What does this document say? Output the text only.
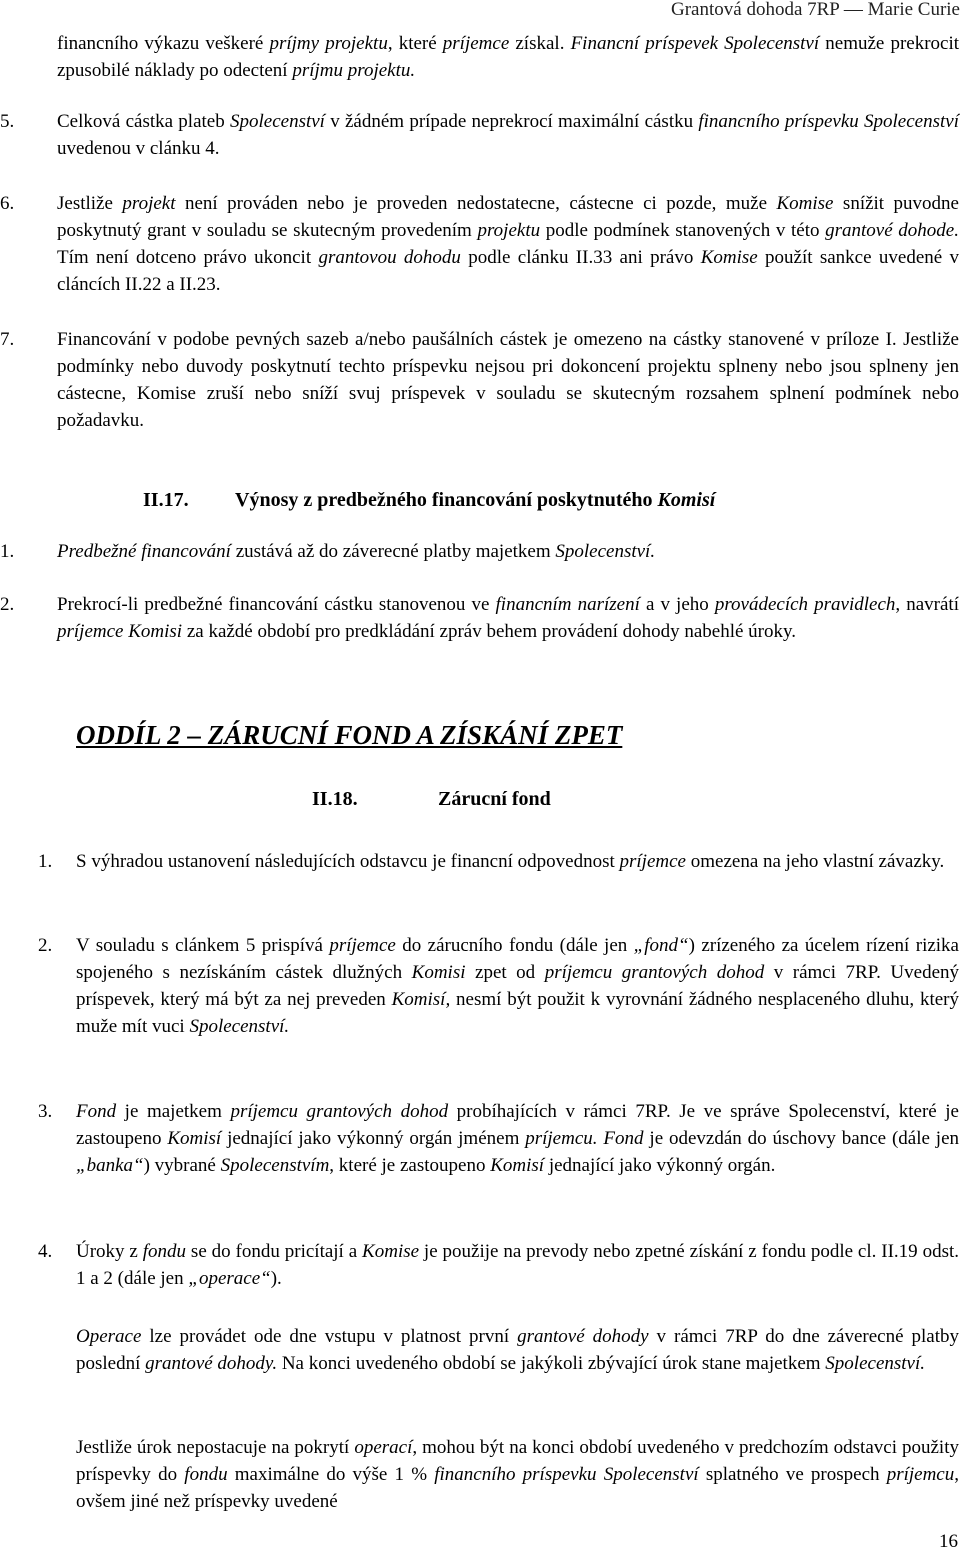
Grantová dohoda 7RP — Marie Curie
financního výkazu veškeré príjmy projektu, které príjemce získal. Financní príspevek Spolecenství nemuže prekrocit zpusobilé náklady po odectení príjmu projektu.
5. Celková cástka plateb Spolecenství v žádném prípade neprekrocí maximální cástku financního príspevku Spolecenství uvedenou v clánku 4.
6. Jestliže projekt není prováden nebo je proveden nedostatecne, cástecne ci pozde, muže Komise snížit puvodne poskytnutý grant v souladu se skutecným provedením projektu podle podmínek stanovených v této grantové dohode. Tím není dotceno právo ukoncit grantovou dohodu podle clánku II.33 ani právo Komise použít sankce uvedené v cláncích II.22 a II.23.
7. Financování v podobe pevných sazeb a/nebo paušálních cástek je omezeno na cástky stanovené v príloze I. Jestliže podmínky nebo duvody poskytnutí techto príspevku nejsou pri dokoncení projektu splneny nebo jsou splneny jen cástecne, Komise zruší nebo sníží svuj príspevek v souladu se skutecným rozsahem splnení podmínek nebo požadavku.
II.17. Výnosy z predbežného financování poskytnutého Komisí
1. Predbežné financování zustává až do záverecné platby majetkem Spolecenství.
2. Prekrocí-li predbežné financování cástku stanovenou ve financním narízení a v jeho provádecích pravidlech, navrátí príjemce Komisi za každé období pro predkládání zpráv behem provádení dohody nabehlé úroky.
ODDÍL 2 – ZÁRUCNÍ FOND A ZÍSKÁNÍ ZPET
II.18.	Zárucní fond
1. S výhradou ustanovení následujících odstavcu je financní odpovednost príjemce omezena na jeho vlastní závazky.
2. V souladu s clánkem 5 prispívá príjemce do zárucního fondu (dále jen „fond“) zrízeného za úcelem rízení rizika spojeného s nezískáním cástek dlužných Komisi zpet od príjemcu grantových dohod v rámci 7RP. Uvedený príspevek, který má být za nej preveden Komisí, nesmí být použit k vyrovnání žádného nesplaceného dluhu, který muže mít vuci Spolecenství.
3. Fond je majetkem príjemcu grantových dohod probíhajících v rámci 7RP. Je ve správe Spolecenství, které je zastoupeno Komisí jednající jako výkonný orgán jménem príjemcu. Fond je odevzdán do úschovy bance (dále jen „banka“) vybrané Spolecenstvím, které je zastoupeno Komisí jednající jako výkonný orgán.
4. Úroky z fondu se do fondu pricítají a Komise je použije na prevody nebo zpetné získání z fondu podle cl. II.19 odst. 1 a 2 (dále jen „operace“).
Operace lze provádet ode dne vstupu v platnost první grantové dohody v rámci 7RP do dne záverecné platby poslední grantové dohody. Na konci uvedeného období se jakýkoli zbývající úrok stane majetkem Spolecenství.
Jestliže úrok nepostacuje na pokrytí operací, mohou být na konci období uvedeného v predchozím odstavci použity príspevky do fondu maximálne do výše 1 % financního príspevku Spolecenství splatného ve prospech príjemcu, ovšem jiné než príspevky uvedené
16
